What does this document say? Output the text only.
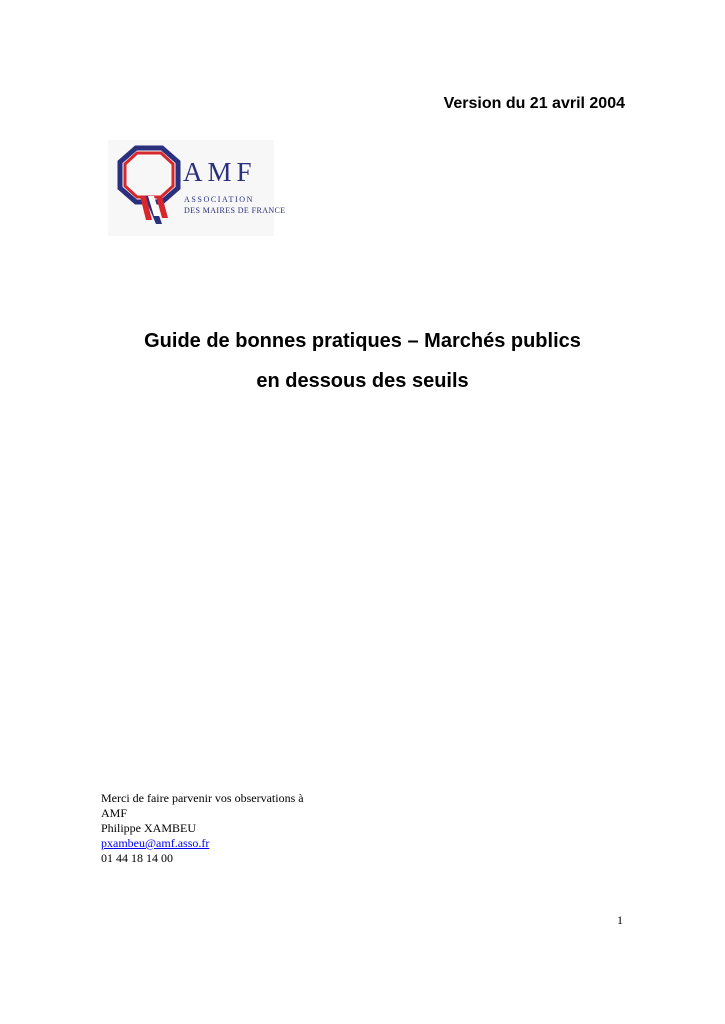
Version du 21 avril 2004
AMF
ASSOCIATION
DES MAIRES DE FRANCE
Guide de bonnes pratiques – Marchés publics
en dessous des seuils
Merci de faire parvenir vos observations à
AMF
Philippe XAMBEU
pxambeu@amf.asso.fr
01 44 18 14 00
1
